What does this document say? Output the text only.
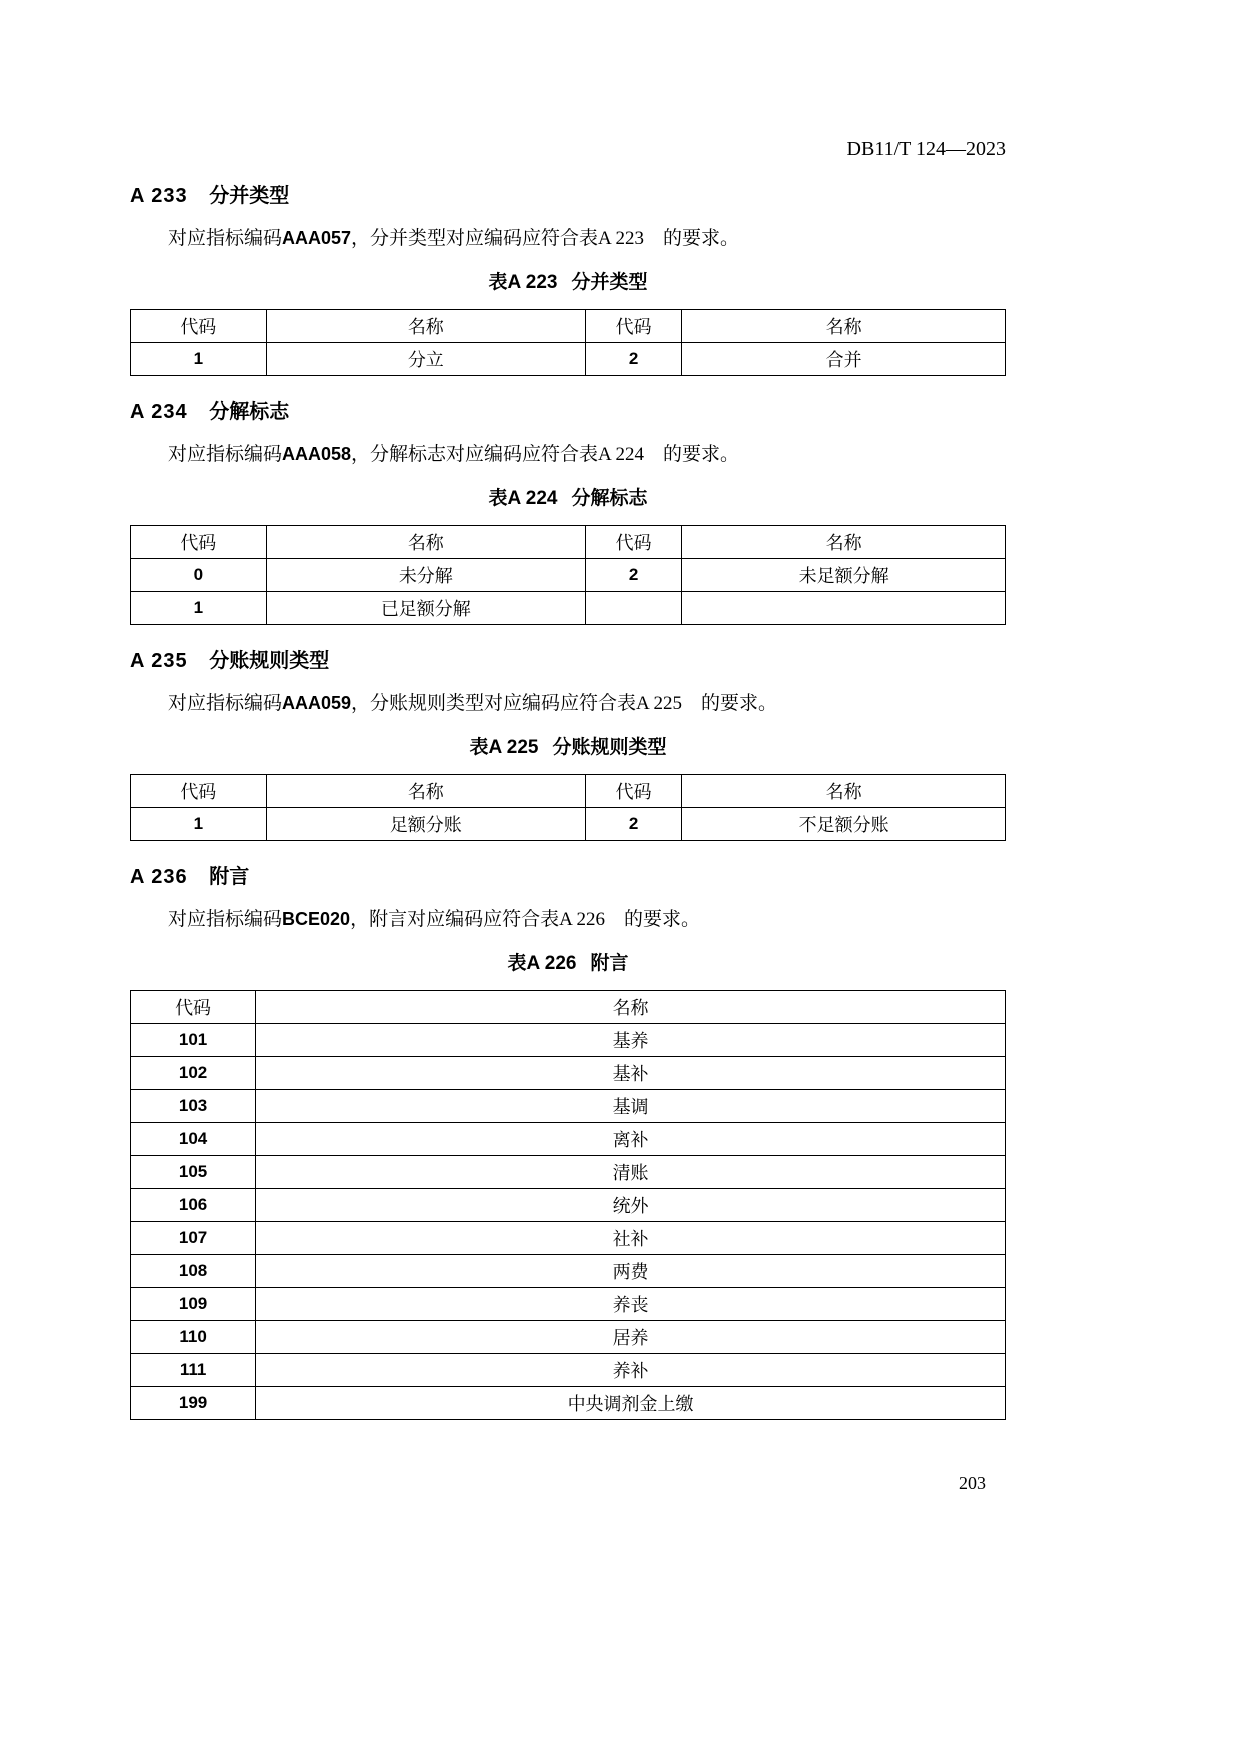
DB11/T 124—2023
A 233 分并类型

对应指标编码AAA057，分并类型对应编码应符合表A 223　的要求。

表A 223 分并类型
代码	名称	代码	名称
1	分立	2	合并
A 234 分解标志

对应指标编码AAA058，分解标志对应编码应符合表A 224　的要求。

表A 224 分解标志
代码	名称	代码	名称
0	未分解	2	未足额分解
1	已足额分解		
A 235 分账规则类型

对应指标编码AAA059，分账规则类型对应编码应符合表A 225　的要求。

表A 225 分账规则类型
代码	名称	代码	名称
1	足额分账	2	不足额分账
A 236 附言

对应指标编码BCE020，附言对应编码应符合表A 226　的要求。

表A 226 附言
代码	名称
101	基养
102	基补
103	基调
104	离补
105	清账
106	统外
107	社补
108	两费
109	养丧
110	居养
111	养补
199	中央调剂金上缴
203
